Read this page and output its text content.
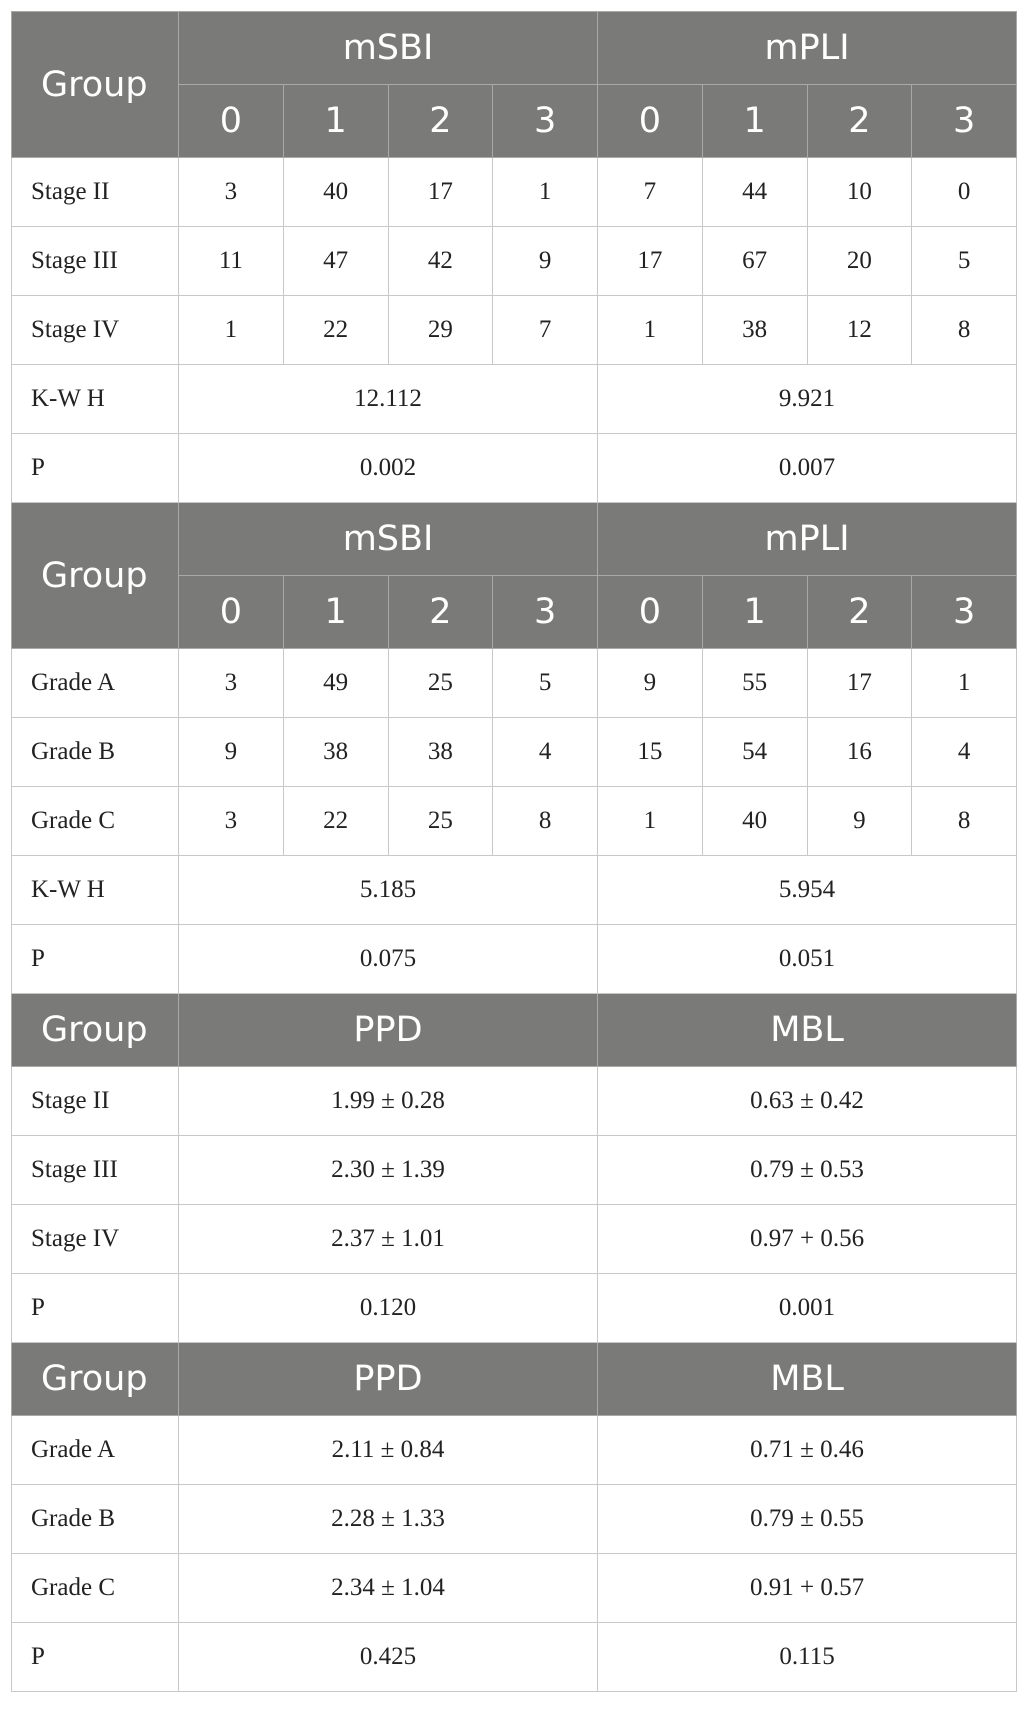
Group	mSBI				mPLI			
	0	1	2	3	0	1	2	3
Stage II	3	40	17	1	7	44	10	0
Stage III	11	47	42	9	17	67	20	5
Stage IV	1	22	29	7	1	38	12	8
K-W H	12.112				9.921			
P	0.002				0.007			
Group	mSBI				mPLI			
	0	1	2	3	0	1	2	3
Grade A	3	49	25	5	9	55	17	1
Grade B	9	38	38	4	15	54	16	4
Grade C	3	22	25	8	1	40	9	8
K-W H	5.185				5.954			
P	0.075				0.051			
Group	PPD				MBL			
Stage II	1.99 ± 0.28				0.63 ± 0.42			
Stage III	2.30 ± 1.39				0.79 ± 0.53			
Stage IV	2.37 ± 1.01				0.97 + 0.56			
P	0.120				0.001			
Group	PPD				MBL			
Grade A	2.11 ± 0.84				0.71 ± 0.46			
Grade B	2.28 ± 1.33				0.79 ± 0.55			
Grade C	2.34 ± 1.04				0.91 + 0.57			
P	0.425				0.115			
